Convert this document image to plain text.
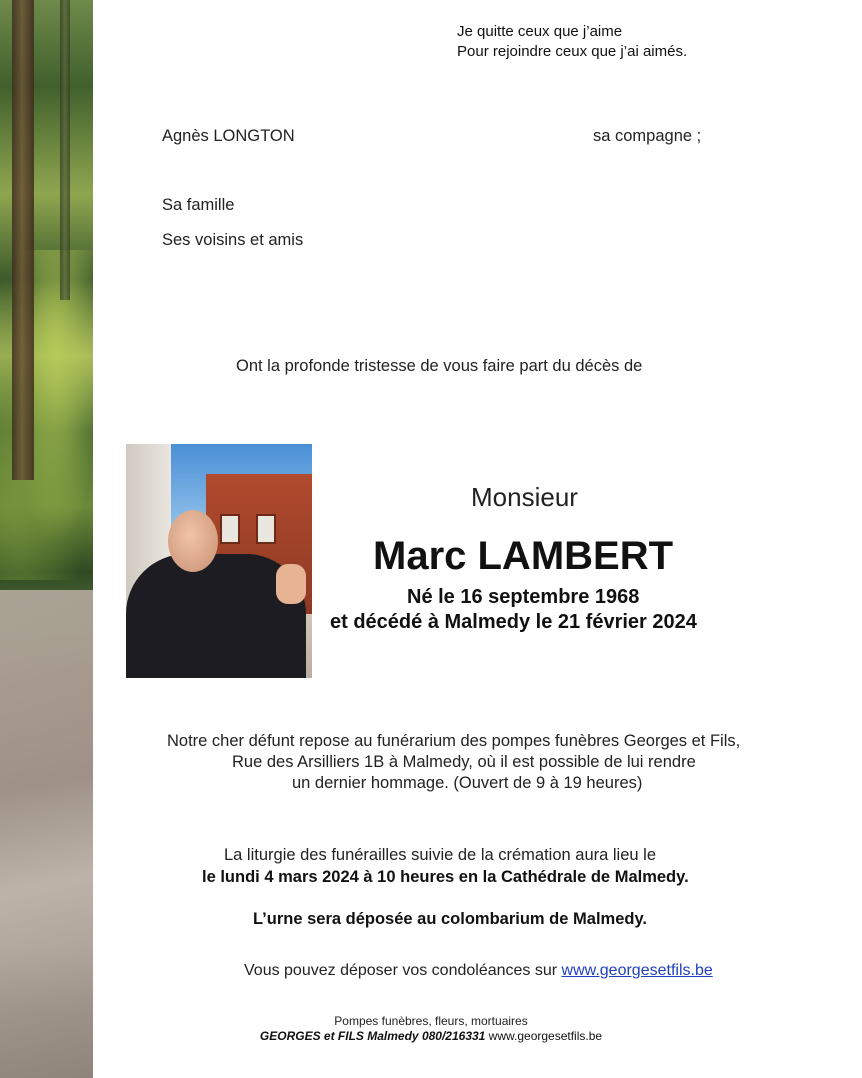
Je quitte ceux que j’aime
Pour rejoindre ceux que j’ai aimés.
Agnès LONGTON	sa compagne ;
Sa famille
Ses voisins et amis
Ont la profonde tristesse de vous faire part du décès de
Monsieur
Marc LAMBERT
Né le 16 septembre 1968
et décédé à Malmedy le 21 février 2024
Notre cher défunt repose au funérarium des pompes funèbres Georges et Fils,
Rue des Arsilliers 1B à Malmedy, où il est possible de lui rendre
un dernier hommage. (Ouvert de 9 à 19 heures)
La liturgie des funérailles suivie de la crémation aura lieu le
le lundi 4 mars 2024 à 10 heures en la Cathédrale de Malmedy.
L’urne sera déposée au colombarium de Malmedy.
Vous pouvez déposer vos condoléances sur www.georgesetfils.be
Pompes funèbres, fleurs, mortuaires
GEORGES et FILS Malmedy 080/216331 www.georgesetfils.be
